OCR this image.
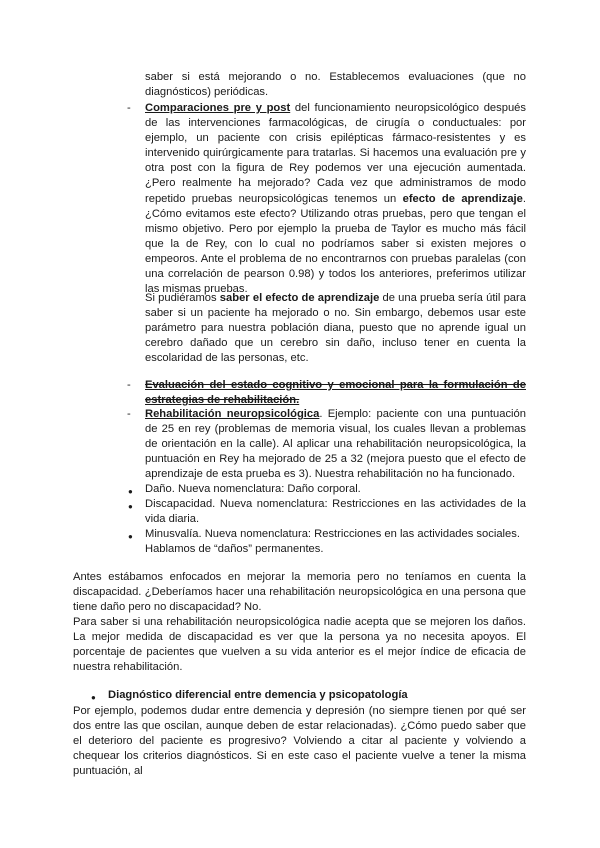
saber si está mejorando o no. Establecemos evaluaciones (que no diagnósticos) periódicas.

- Comparaciones pre y post del funcionamiento neuropsicológico después de las intervenciones farmacológicas, de cirugía o conductuales: por ejemplo, un paciente con crisis epilépticas fármaco-resistentes y es intervenido quirúrgicamente para tratarlas. Si hacemos una evaluación pre y otra post con la figura de Rey podemos ver una ejecución aumentada. ¿Pero realmente ha mejorado? Cada vez que administramos de modo repetido pruebas neuropsicológicas tenemos un efecto de aprendizaje. ¿Cómo evitamos este efecto? Utilizando otras pruebas, pero que tengan el mismo objetivo. Pero por ejemplo la prueba de Taylor es mucho más fácil que la de Rey, con lo cual no podríamos saber si existen mejores o empeoros. Ante el problema de no encontrarnos con pruebas paralelas (con una correlación de pearson 0.98) y todos los anteriores, preferimos utilizar las mismas pruebas.

Si pudiéramos saber el efecto de aprendizaje de una prueba sería útil para saber si un paciente ha mejorado o no. Sin embargo, debemos usar este parámetro para nuestra población diana, puesto que no aprende igual un cerebro dañado que un cerebro sin daño, incluso tener en cuenta la escolaridad de las personas, etc.

- Evaluación del estado cognitivo y emocional para la formulación de estrategias de rehabilitación.

- Rehabilitación neuropsicológica. Ejemplo: paciente con una puntuación de 25 en rey (problemas de memoria visual, los cuales llevan a problemas de orientación en la calle). Al aplicar una rehabilitación neuropsicológica, la puntuación en Rey ha mejorado de 25 a 32 (mejora puesto que el efecto de aprendizaje de esta prueba es 3). Nuestra rehabilitación no ha funcionado.

● Daño. Nueva nomenclatura: Daño corporal.

● Discapacidad. Nueva nomenclatura: Restricciones en las actividades de la vida diaria.

● Minusvalía. Nueva nomenclatura: Restricciones en las actividades sociales. Hablamos de “daños” permanentes.

Antes estábamos enfocados en mejorar la memoria pero no teníamos en cuenta la discapacidad. ¿Deberíamos hacer una rehabilitación neuropsicológica en una persona que tiene daño pero no discapacidad? No.

Para saber si una rehabilitación neuropsicológica nadie acepta que se mejoren los daños. La mejor medida de discapacidad es ver que la persona ya no necesita apoyos. El porcentaje de pacientes que vuelven a su vida anterior es el mejor índice de eficacia de nuestra rehabilitación.

● Diagnóstico diferencial entre demencia y psicopatología

Por ejemplo, podemos dudar entre demencia y depresión (no siempre tienen por qué ser dos entre las que oscilan, aunque deben de estar relacionadas). ¿Cómo puedo saber que el deterioro del paciente es progresivo? Volviendo a citar al paciente y volviendo a chequear los criterios diagnósticos. Si en este caso el paciente vuelve a tener la misma puntuación, al
